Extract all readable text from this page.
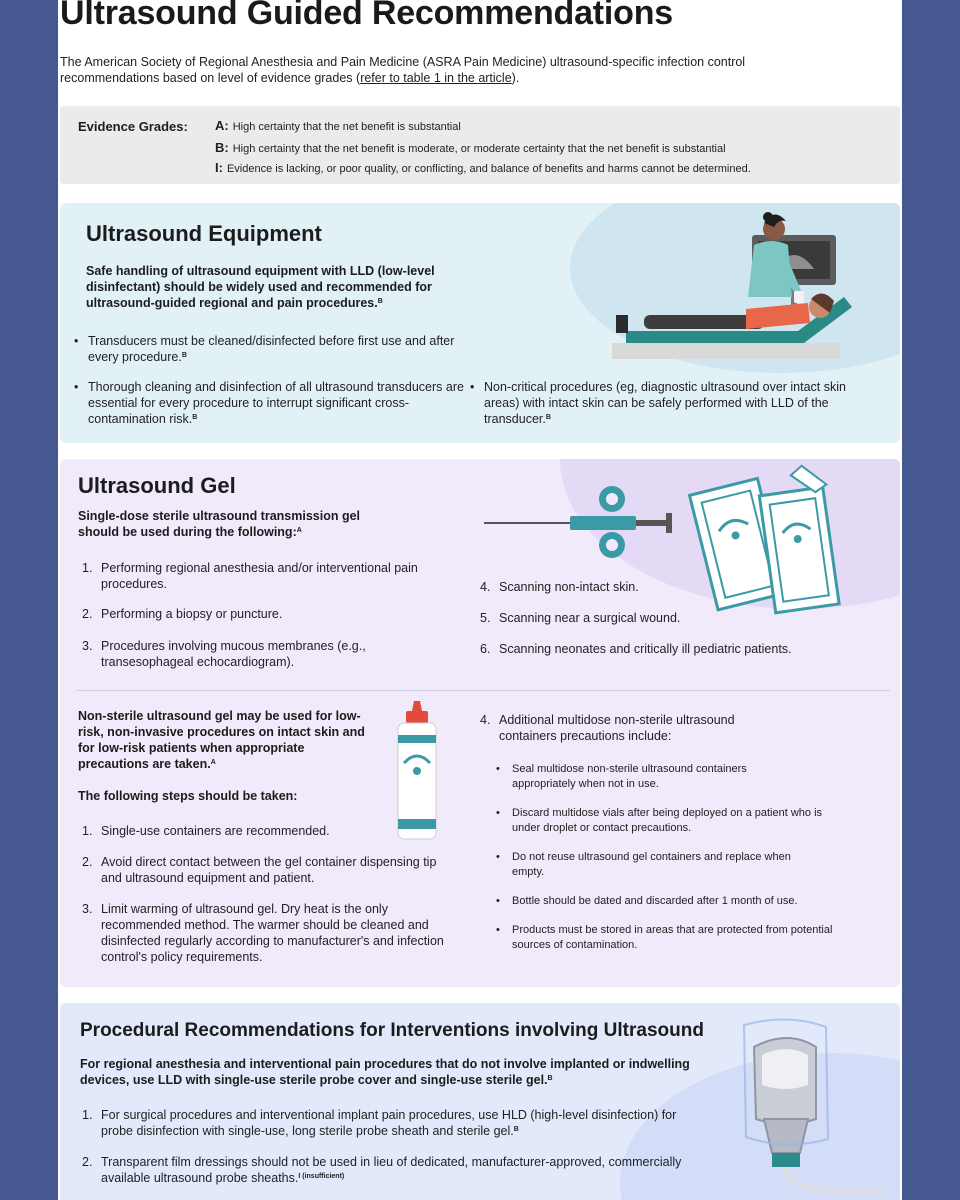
Ultrasound Guided Recommendations
The American Society of Regional Anesthesia and Pain Medicine (ASRA Pain Medicine) ultrasound-specific infection control recommendations based on level of evidence grades (refer to table 1 in the article).
Evidence Grades: A: High certainty that the net benefit is substantial
B: High certainty that the net benefit is moderate, or moderate certainty that the net benefit is substantial
I: Evidence is lacking, or poor quality, or conflicting, and balance of benefits and harms cannot be determined.
Ultrasound Equipment
Safe handling of ultrasound equipment with LLD (low-level disinfectant) should be widely used and recommended for ultrasound-guided regional and pain procedures.$^B$
• Transducers must be cleaned/disinfected before first use and after every procedure.$^B$
• Thorough cleaning and disinfection of all ultrasound transducers are essential for every procedure to interrupt significant cross-contamination risk.$^B$
• Non-critical procedures (eg, diagnostic ultrasound over intact skin areas) with intact skin can be safely performed with LLD of the transducer.$^B$
Ultrasound Gel
Single-dose sterile ultrasound transmission gel should be used during the following:$^A$
1. Performing regional anesthesia and/or interventional pain procedures.
2. Performing a biopsy or puncture.
3. Procedures involving mucous membranes (e.g., transesophageal echocardiogram).
4. Scanning non-intact skin.
5. Scanning near a surgical wound.
6. Scanning neonates and critically ill pediatric patients.
Non-sterile ultrasound gel may be used for low-risk, non-invasive procedures on intact skin and for low-risk patients when appropriate precautions are taken.$^A$
The following steps should be taken:
1. Single-use containers are recommended.
2. Avoid direct contact between the gel container dispensing tip and ultrasound equipment and patient.
3. Limit warming of ultrasound gel. Dry heat is the only recommended method. The warmer should be cleaned and disinfected regularly according to manufacturer's and infection control's policy requirements.
4. Additional multidose non-sterile ultrasound containers precautions include:
• Seal multidose non-sterile ultrasound containers appropriately when not in use.
• Discard multidose vials after being deployed on a patient who is under droplet or contact precautions.
• Do not reuse ultrasound gel containers and replace when empty.
• Bottle should be dated and discarded after 1 month of use.
• Products must be stored in areas that are protected from potential sources of contamination.
Procedural Recommendations for Interventions involving Ultrasound
For regional anesthesia and interventional pain procedures that do not involve implanted or indwelling devices, use LLD with single-use sterile probe cover and single-use sterile gel.$^B$
1. For surgical procedures and interventional implant pain procedures, use HLD (high-level disinfection) for probe disinfection with single-use, long sterile probe sheath and sterile gel.$^B$
2. Transparent film dressings should not be used in lieu of dedicated, manufacturer-approved, commercially available ultrasound probe sheaths.$^{I (insufficient)}$
